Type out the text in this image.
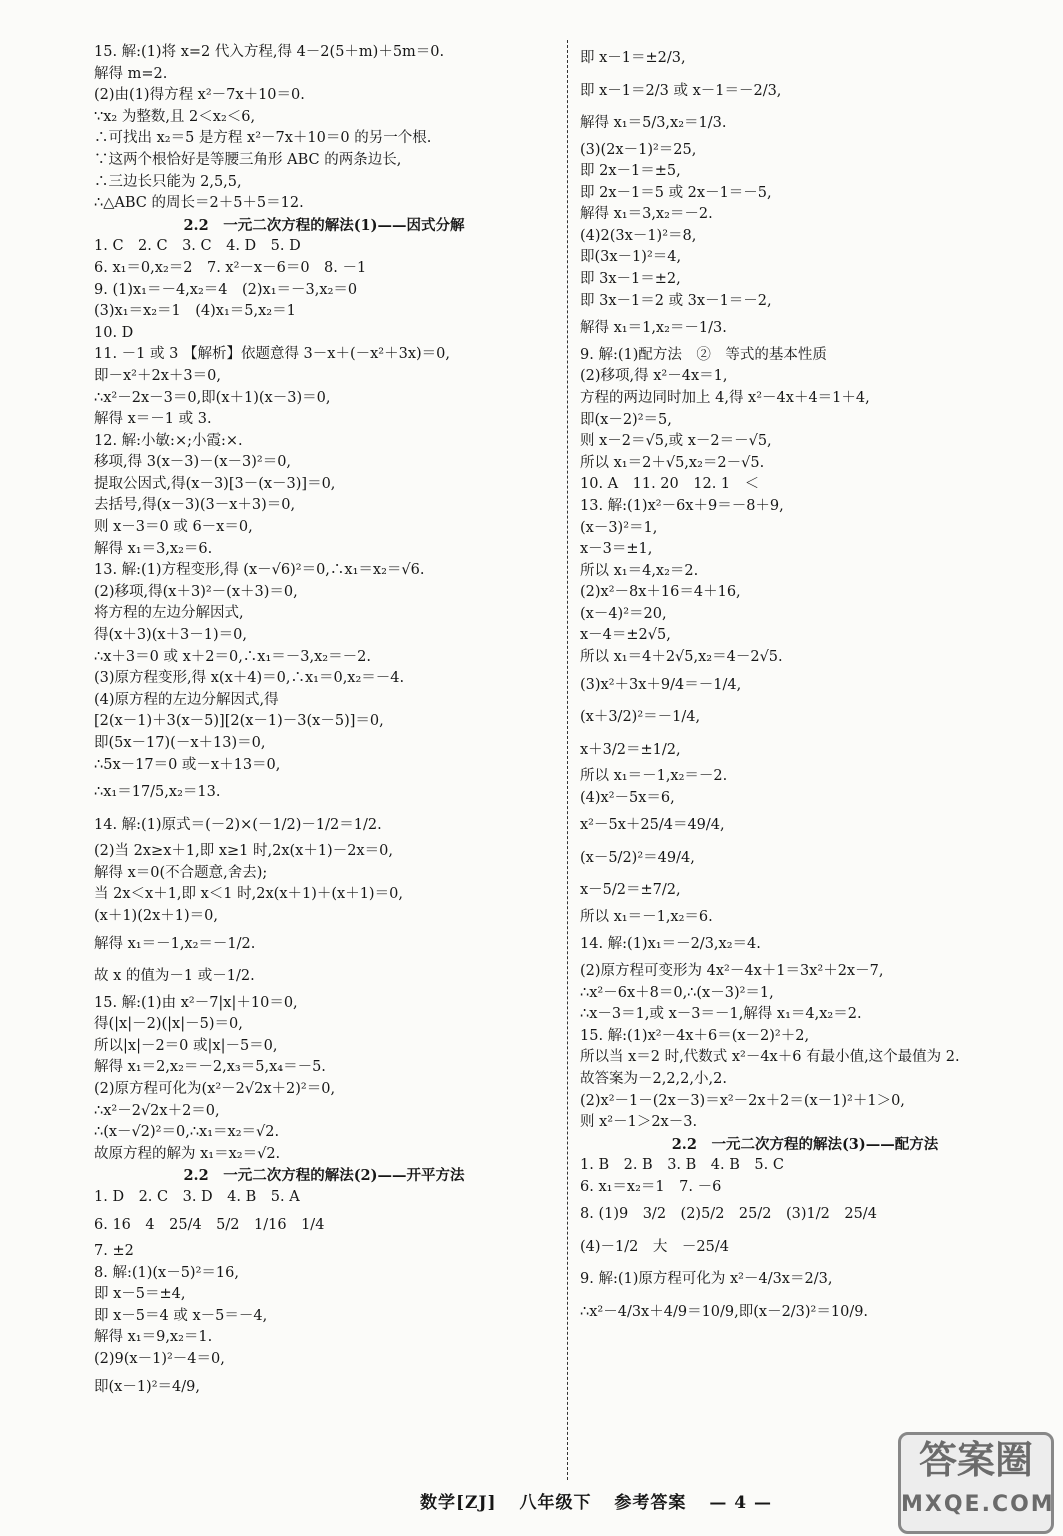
15. 解:(1)将 x=2 代入方程,得 4－2(5＋m)＋5m＝0.
解得 m=2.
(2)由(1)得方程 x²－7x＋10＝0.
∵x₂ 为整数,且 2＜x₂＜6,
∴可找出 x₂＝5 是方程 x²－7x＋10＝0 的另一个根.
∵这两个根恰好是等腰三角形 ABC 的两条边长,
∴三边长只能为 2,5,5,
∴△ABC 的周长＝2＋5＋5＝12.
2.2　一元二次方程的解法(1)——因式分解
1. C　2. C　3. C　4. D　5. D
6. x₁＝0,x₂＝2　7. x²－x－6＝0　8. －1
9. (1)x₁＝－4,x₂＝4　(2)x₁＝－3,x₂＝0
(3)x₁＝x₂＝1　(4)x₁＝5,x₂＝1
10. D
11. －1 或 3 【解析】依题意得 3－x＋(－x²＋3x)＝0,
即－x²＋2x＋3＝0,
∴x²－2x－3＝0,即(x＋1)(x－3)＝0,
解得 x＝－1 或 3.
12. 解:小敏:×;小霞:×.
移项,得 3(x－3)－(x－3)²＝0,
提取公因式,得(x－3)[3－(x－3)]＝0,
去括号,得(x－3)(3－x＋3)＝0,
则 x－3＝0 或 6－x＝0,
解得 x₁＝3,x₂＝6.
13. 解:(1)方程变形,得 (x－√6)²＝0,∴x₁＝x₂＝√6.
(2)移项,得(x＋3)²－(x＋3)＝0,
将方程的左边分解因式,
得(x＋3)(x＋3－1)＝0,
∴x＋3＝0 或 x＋2＝0,∴x₁＝－3,x₂＝－2.
(3)原方程变形,得 x(x＋4)＝0,∴x₁＝0,x₂＝－4.
(4)原方程的左边分解因式,得
[2(x－1)＋3(x－5)][2(x－1)－3(x－5)]＝0,
即(5x－17)(－x＋13)＝0,
∴5x－17＝0 或－x＋13＝0,
∴x₁＝17/5,x₂＝13.
14. 解:(1)原式＝(－2)×(－1/2)－1/2＝1/2.
(2)当 2x≥x＋1,即 x≥1 时,2x(x＋1)－2x＝0,
解得 x＝0(不合题意,舍去);
当 2x＜x＋1,即 x＜1 时,2x(x＋1)＋(x＋1)＝0,
(x＋1)(2x＋1)＝0,
解得 x₁＝－1,x₂＝－1/2.
故 x 的值为－1 或－1/2.
15. 解:(1)由 x²－7|x|＋10＝0,
得(|x|－2)(|x|－5)＝0,
所以|x|－2＝0 或|x|－5＝0,
解得 x₁＝2,x₂＝－2,x₃＝5,x₄＝－5.
(2)原方程可化为(x²－2√2x＋2)²＝0,
∴x²－2√2x＋2＝0,
∴(x－√2)²＝0,∴x₁＝x₂＝√2.
故原方程的解为 x₁＝x₂＝√2.
2.2　一元二次方程的解法(2)——开平方法
1. D　2. C　3. D　4. B　5. A
6. 16　4　25/4　5/2　1/16　1/4
7. ±2
8. 解:(1)(x－5)²＝16,
即 x－5＝±4,
即 x－5＝4 或 x－5＝－4,
解得 x₁＝9,x₂＝1.
(2)9(x－1)²－4＝0,
即(x－1)²＝4/9,
即 x－1＝±2/3,
即 x－1＝2/3 或 x－1＝－2/3,
解得 x₁＝5/3,x₂＝1/3.
(3)(2x－1)²＝25,
即 2x－1＝±5,
即 2x－1＝5 或 2x－1＝－5,
解得 x₁＝3,x₂＝－2.
(4)2(3x－1)²＝8,
即(3x－1)²＝4,
即 3x－1＝±2,
即 3x－1＝2 或 3x－1＝－2,
解得 x₁＝1,x₂＝－1/3.
9. 解:(1)配方法　②　等式的基本性质
(2)移项,得 x²－4x＝1,
方程的两边同时加上 4,得 x²－4x＋4＝1＋4,
即(x－2)²＝5,
则 x－2＝√5,或 x－2＝－√5,
所以 x₁＝2＋√5,x₂＝2－√5.
10. A　11. 20　12. 1　＜
13. 解:(1)x²－6x＋9＝－8＋9,
(x－3)²＝1,
x－3＝±1,
所以 x₁＝4,x₂＝2.
(2)x²－8x＋16＝4＋16,
(x－4)²＝20,
x－4＝±2√5,
所以 x₁＝4＋2√5,x₂＝4－2√5.
(3)x²＋3x＋9/4＝－1/4,
(x＋3/2)²＝－1/4,
x＋3/2＝±1/2,
所以 x₁＝－1,x₂＝－2.
(4)x²－5x＝6,
x²－5x＋25/4＝49/4,
(x－5/2)²＝49/4,
x－5/2＝±7/2,
所以 x₁＝－1,x₂＝6.
14. 解:(1)x₁＝－2/3,x₂＝4.
(2)原方程可变形为 4x²－4x＋1＝3x²＋2x－7,
∴x²－6x＋8＝0,∴(x－3)²＝1,
∴x－3＝1,或 x－3＝－1,解得 x₁＝4,x₂＝2.
15. 解:(1)x²－4x＋6＝(x－2)²＋2,
所以当 x＝2 时,代数式 x²－4x＋6 有最小值,这个最值为 2.
故答案为－2,2,2,小,2.
(2)x²－1－(2x－3)＝x²－2x＋2＝(x－1)²＋1＞0,
则 x²－1＞2x－3.
2.2　一元二次方程的解法(3)——配方法
1. B　2. B　3. B　4. B　5. C
6. x₁＝x₂＝1　7. －6
8. (1)9　3/2　(2)5/2　25/2　(3)1/2　25/4
(4)－1/2　大　－25/4
9. 解:(1)原方程可化为 x²－4/3x＝2/3,
∴x²－4/3x＋4/9＝10/9,即(x－2/3)²＝10/9.
数学[ZJ] 八年级下 参考答案 — 4 —
答案圈
MXQE.COM
